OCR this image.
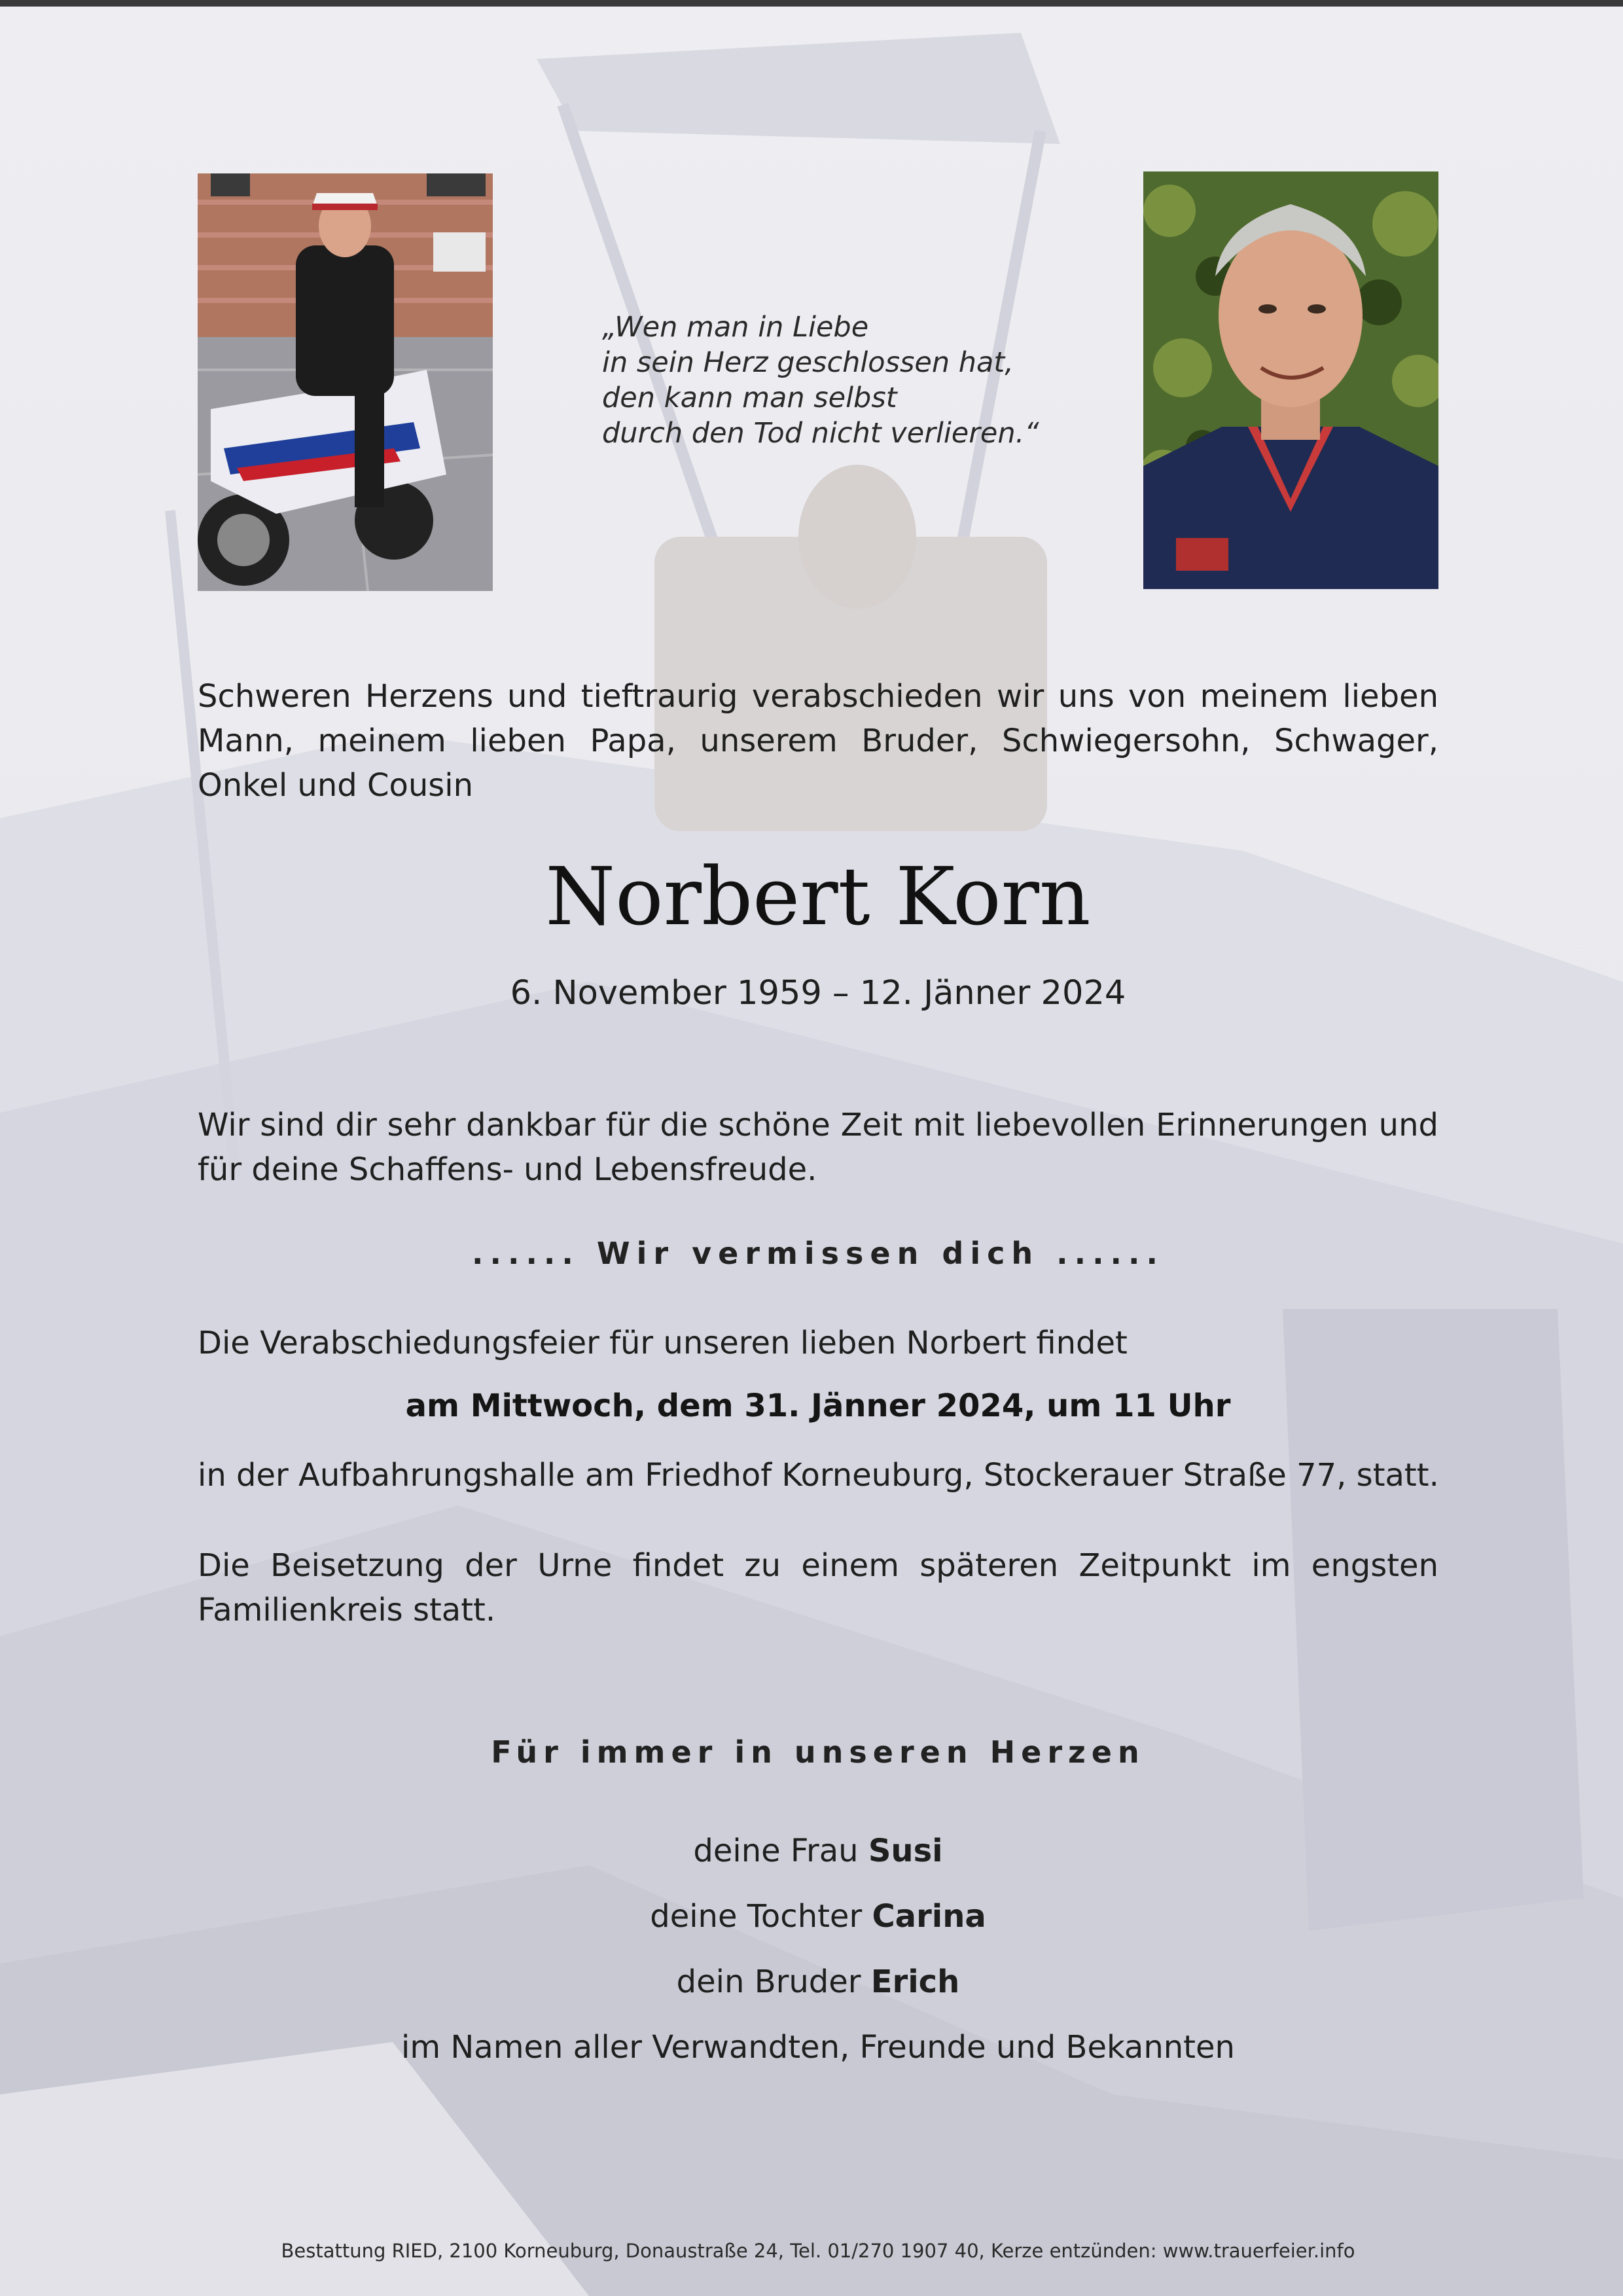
„Wen man in Liebe
in sein Herz geschlossen hat,
den kann man selbst
durch den Tod nicht verlieren.“
Schweren Herzens und tieftraurig verabschieden wir uns von meinem lieben
Mann, meinem lieben Papa, unserem Bruder, Schwiegersohn, Schwager,
Onkel und Cousin
Norbert Korn
6. November 1959 – 12. Jänner 2024
Wir sind dir sehr dankbar für die schöne Zeit mit liebevollen Erinnerungen und für deine Schaffens- und Lebensfreude.
...... Wir vermissen dich ......
Die Verabschiedungsfeier für unseren lieben Norbert findet
am Mittwoch, dem 31. Jänner 2024, um 11 Uhr
in der Aufbahrungshalle am Friedhof Korneuburg, Stockerauer Straße 77, statt.
Die Beisetzung der Urne findet zu einem späteren Zeitpunkt im engsten Familienkreis statt.
Für immer in unseren Herzen
deine Frau Susi
deine Tochter Carina
dein Bruder Erich
im Namen aller Verwandten, Freunde und Bekannten
Bestattung RIED, 2100 Korneuburg, Donaustraße 24, Tel. 01/270 1907 40, Kerze entzünden: www.trauerfeier.info
